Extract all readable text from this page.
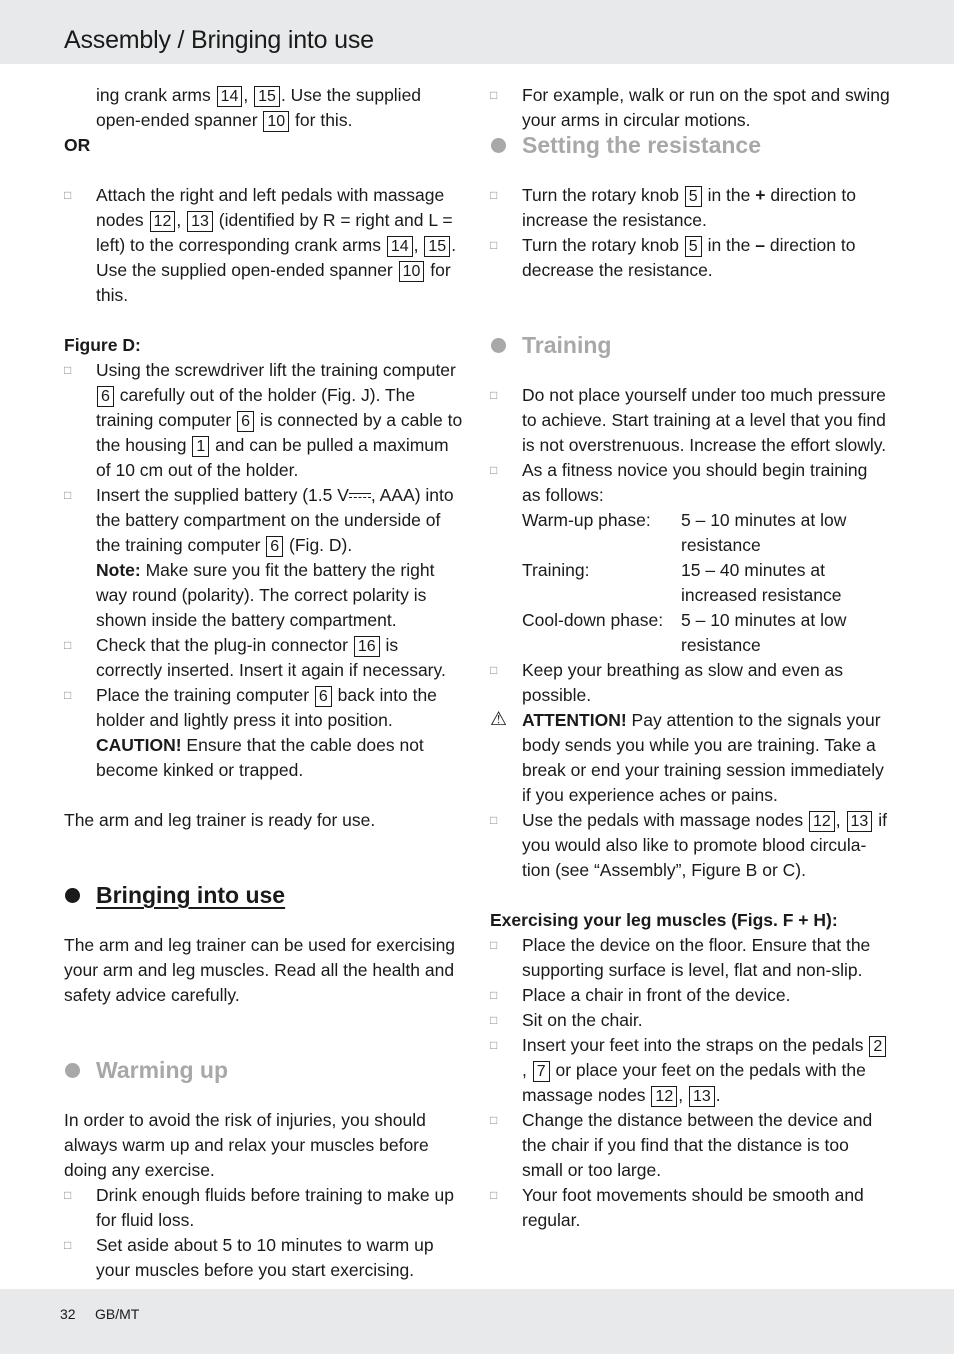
Assembly / Bringing into use

ing crank arms 14 , 15 . Use the supplied open-ended spanner 10 for this.

OR

□
Attach the right and left pedals with massage nodes 12 , 13 (identified by R = right and L = left) to the corresponding crank arms 14 , 15 . Use the supplied open-ended spanner 10 for this.

Figure D:

□
Using the screwdriver lift the training computer 6 carefully out of the holder (Fig. J). The training computer 6 is connected by a cable to the housing 1 and can be pulled a maximum of 10 cm out of the holder.

□
Insert the supplied battery (1.5 V , AAA) into the battery compartment on the underside of the training computer 6 (Fig. D).
Note: Make sure you fit the battery the right way round (polarity). The correct polarity is shown inside the battery compartment.

□
Check that the plug-in connector 16 is correctly inserted. Insert it again if necessary.

□
Place the training computer 6 back into the holder and lightly press it into position.
CAUTION! Ensure that the cable does not become kinked or trapped.

The arm and leg trainer is ready for use.

Bringing into use

The arm and leg trainer can be used for exercising your arm and leg muscles. Read all the health and safety advice carefully.

Warming up

In order to avoid the risk of injuries, you should always warm up and relax your muscles before doing any exercise.

□
Drink enough fluids before training to make up for fluid loss.

□
Set aside about 5 to 10 minutes to warm up your muscles before you start exercising.

□
For example, walk or run on the spot and swing your arms in circular motions.

Setting the resistance

□
Turn the rotary knob 5 in the + direction to increase the resistance.

□
Turn the rotary knob 5 in the – direction to decrease the resistance.

Training

□
Do not place yourself under too much pressure to achieve. Start training at a level that you find is not overstrenuous. Increase the effort slowly.

□
As a fitness novice you should begin training as follows:

Warm-up phase:	5 – 10 minutes at low resistance
Training:	15 – 40 minutes at increased resistance
Cool-down phase:	5 – 10 minutes at low resistance

□
Keep your breathing as slow and even as possible.

⚠ ATTENTION! Pay attention to the signals your body sends you while you are training. Take a break or end your training session immediately if you experience aches or pains.

□
Use the pedals with massage nodes 12 , 13 if you would also like to promote blood circula-tion (see “Assembly”, Figure B or C).

Exercising your leg muscles (Figs. F + H):

□
Place the device on the floor. Ensure that the supporting surface is level, flat and non-slip.

□
Place a chair in front of the device.

□
Sit on the chair.

□
Insert your feet into the straps on the pedals 2, 7 or place your feet on the pedals with the massage nodes 12 , 13 .

□
Change the distance between the device and the chair if you find that the distance is too small or too large.

□
Your foot movements should be smooth and regular.

32 GB/MT
